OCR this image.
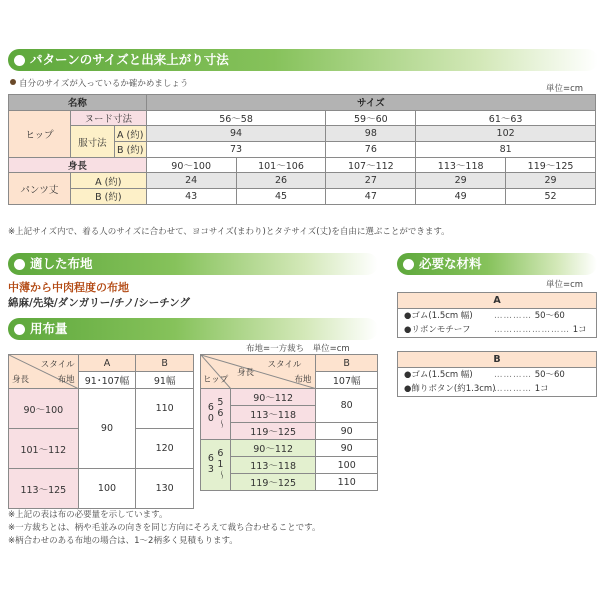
パターンのサイズと出来上がり寸法
自分のサイズが入っているか確かめましょう	単位=cm
名称			サイズ				
ヒップ	ヌード寸法		56〜58		59〜60	61〜63	
	服寸法	A (約)	94		98	102	
		B (約)	73		76	81	
身長			90〜100	101〜106	107〜112	113〜118	119〜125
パンツ丈	A (約)		24	26	27	29	29
	B (約)		43	45	47	49	52
※上記サイズ内で、着る人のサイズに合わせて、ヨコサイズ(まわり)とタテサイズ(丈)を自由に選ぶことができます。
適した布地
中薄から中肉程度の布地
綿麻/先染/ダンガリー/チノ/シーチング
必要な材料
単位=cm
A
●ゴム(1.5cm 幅)	………… 50〜60
●リボンモチーフ	…………………… 1コ
B
●ゴム(1.5cm 幅)	………… 50〜60
●飾りボタン(約1.3cm)
………… 1コ
用布量
布地=一方裁ち　単位=cm
スタイル
身長 布地	A	B
	91･107幅	91幅
90〜100	90	110
101〜112		120
113〜125	100	130
スタイル
ヒップ
身長
布地		B
		107幅
56〜60	90〜112	80
	113〜118	
	119〜125	90
61〜63	90〜112	90
	113〜118	100
	119〜125	110
※上記の表は布の必要量を示しています。
※一方裁ちとは、柄や毛並みの向きを同じ方向にそろえて裁ち合わせることです。
※柄合わせのある布地の場合は、1〜2柄多く見積もります。
